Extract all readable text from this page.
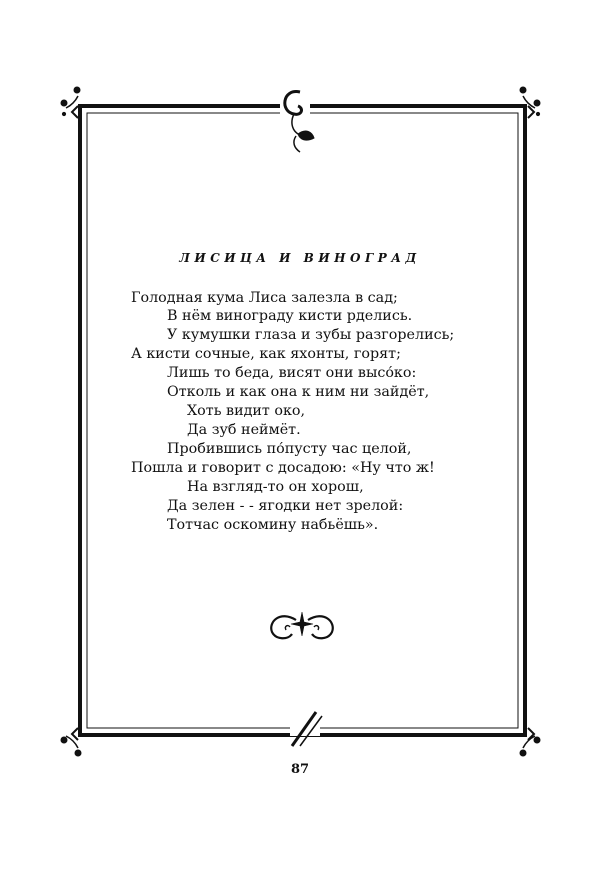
ЛИСИЦА И ВИНОГРАД
Голодная кума Лиса залезла в сад;
В нём винограду кисти рделись.
У кумушки глаза и зубы разгорелись;
А кисти сочные, как яхонты, горят;
Лишь то беда, висят они высо́ко:
Отколь и как она к ним ни зайдёт,
Хоть видит око,
Да зуб неймёт.
Пробившись по́пусту час целой,
Пошла и говорит с досадою: «Ну что ж!
На взгляд-то он хорош,
Да зелен - - ягодки нет зрелой:
Тотчас оскомину набьёшь».
87
